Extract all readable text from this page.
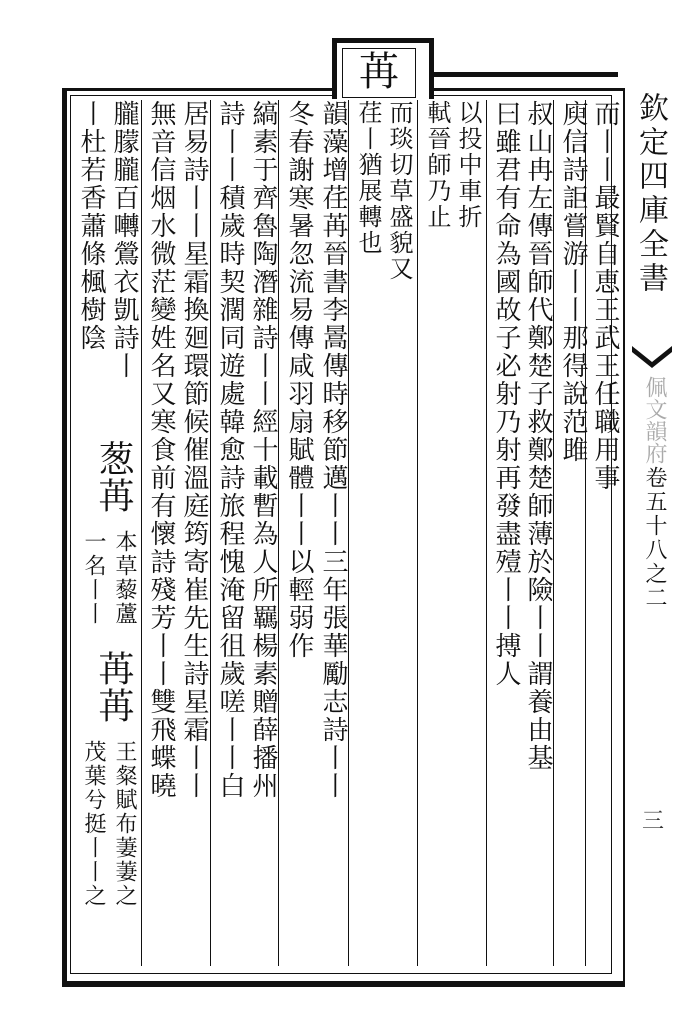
苒
欽定四庫全書
佩文韻府
卷五十八之二
三
而丨丨最賢自恵王武王任職用事
庾信詩詎嘗游丨丨那得說范雎
叔山冉左傳晉師代鄭楚子救鄭楚師薄於險丨丨謂養由基
曰雖君有命為國故子必射乃射再發盡殪丨丨搏人
以投中車折
軾晉師乃止
而琰切草盛貌又
荏丨猶展轉也
韻藻增荏苒晉書李暠傳時移節邁丨丨三年張華勵志詩丨丨
冬春謝寒暑忽流易傳咸羽扇賦體丨丨以輕弱作
縞素于齊魯陶潛雜詩丨丨經十載暫為人所羈楊素贈薛播州
詩丨丨積歲時契濶同遊處韓愈詩旅程愧淹留徂歲嗟丨丨白
居易詩丨丨星霜換廻環節候催溫庭筠寄崔先生詩星霜丨丨
無音信烟水微茫變姓名又寒食前有懷詩殘芳丨丨雙飛蝶曉
朧朦朧百囀鶯衣凱詩丨
丨杜若香蕭條楓樹陰
葱苒
本草藜蘆
一名丨丨
苒苒
王粲賦布萋萋之
茂葉兮挺丨丨之
